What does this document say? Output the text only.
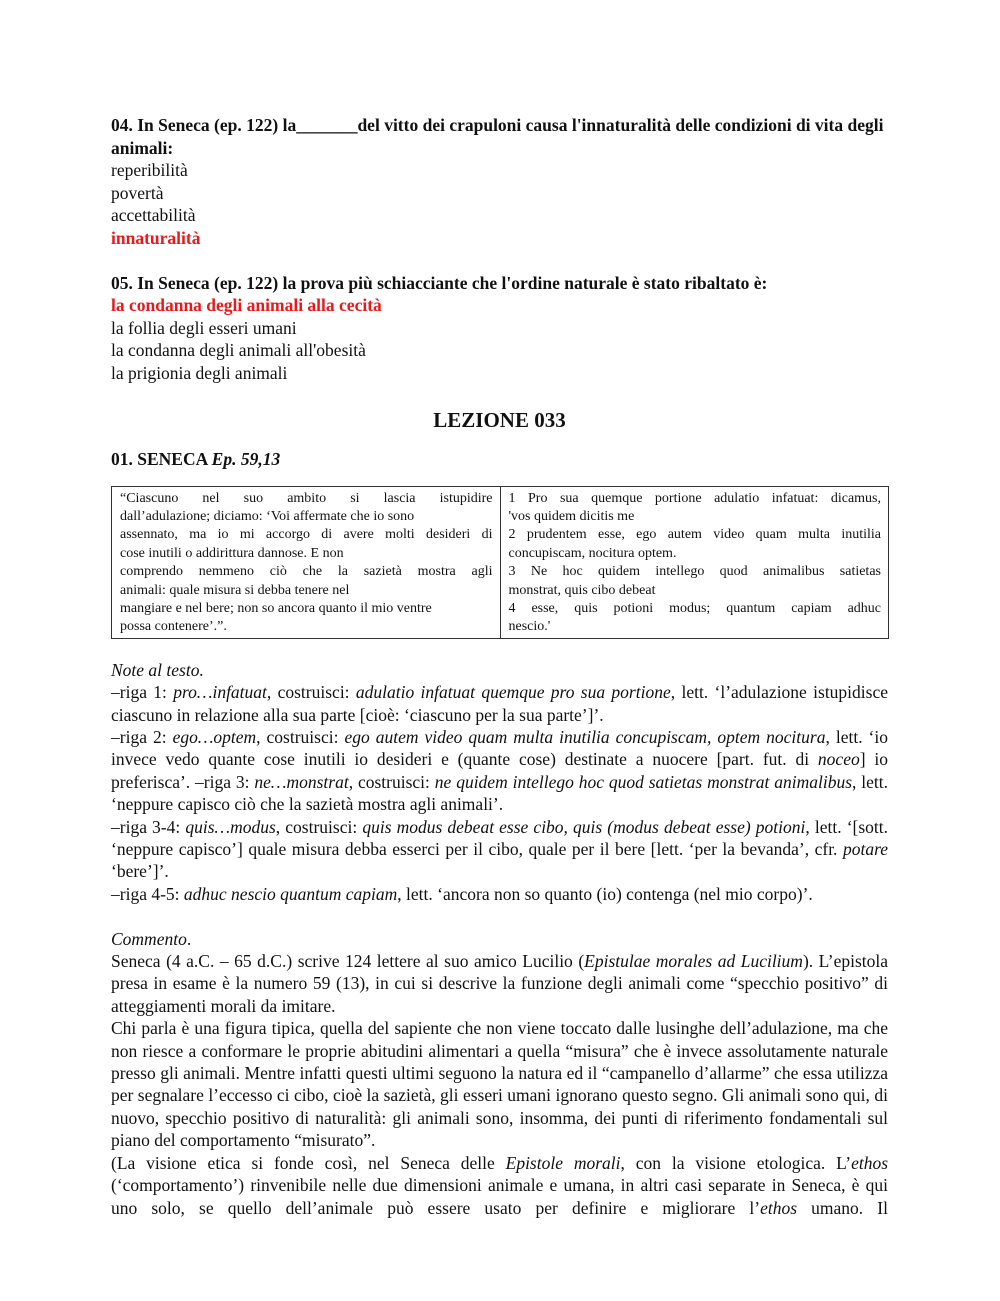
04. In Seneca (ep. 122) la_______del vitto dei crapuloni causa l'innaturalità delle condizioni di vita degli animali:
reperibilità
povertà
accettabilità
innaturalità
05. In Seneca (ep. 122) la prova più schiacciante che l'ordine naturale è stato ribaltato è:
la condanna degli animali alla cecità
la follia degli esseri umani
la condanna degli animali all'obesità
la prigionia degli animali
LEZIONE 033
01. SENECA Ep. 59,13
“Ciascuno nel suo ambito si lascia istupidire
dall’adulazione; diciamo: ‘Voi affermate che io sono
assennato, ma io mi accorgo di avere molti desideri di
cose inutili o addirittura dannose. E non
comprendo nemmeno ciò che la sazietà mostra agli
animali: quale misura si debba tenere nel
mangiare e nel bere; non so ancora quanto il mio ventre
possa contenere’.”.

1 Pro sua quemque portione adulatio infatuat: dicamus,
'vos quidem dicitis me
2 prudentem esse, ego autem video quam multa inutilia
concupiscam, nocitura optem.
3 Ne hoc quidem intellego quod animalibus satietas
monstrat, quis cibo debeat
4 esse, quis potioni modus; quantum capiam adhuc
nescio.'

Note al testo.

–riga 1: pro…infatuat, costruisci: adulatio infatuat quemque pro sua portione, lett. ‘l’adulazione istupidisce ciascuno in relazione alla sua parte [cioè: ‘ciascuno per la sua parte’]’.

–riga 2: ego…optem, costruisci: ego autem video quam multa inutilia concupiscam, optem nocitura, lett. ‘io invece vedo quante cose inutili io desideri e (quante cose) destinate a nuocere [part. fut. di noceo] io preferisca’. –riga 3: ne…monstrat, costruisci: ne quidem intellego hoc quod satietas monstrat animalibus, lett. ‘neppure capisco ciò che la sazietà mostra agli animali’.

–riga 3-4: quis…modus, costruisci: quis modus debeat esse cibo, quis (modus debeat esse) potioni, lett. ‘[sott. ‘neppure capisco’] quale misura debba esserci per il cibo, quale per il bere [lett. ‘per la bevanda’, cfr. potare ‘bere’]’.

–riga 4-5: adhuc nescio quantum capiam, lett. ‘ancora non so quanto (io) contenga (nel mio corpo)’.

Commento.

Seneca (4 a.C. – 65 d.C.) scrive 124 lettere al suo amico Lucilio (Epistulae morales ad Lucilium). L’epistola presa in esame è la numero 59 (13), in cui si descrive la funzione degli animali come “specchio positivo” di atteggiamenti morali da imitare.

Chi parla è una figura tipica, quella del sapiente che non viene toccato dalle lusinghe dell’adulazione, ma che non riesce a conformare le proprie abitudini alimentari a quella “misura” che è invece assolutamente naturale presso gli animali. Mentre infatti questi ultimi seguono la natura ed il “campanello d’allarme” che essa utilizza per segnalare l’eccesso ci cibo, cioè la sazietà, gli esseri umani ignorano questo segno. Gli animali sono qui, di nuovo, specchio positivo di naturalità: gli animali sono, insomma, dei punti di riferimento fondamentali sul piano del comportamento “misurato”.

(La visione etica si fonde così, nel Seneca delle Epistole morali, con la visione etologica. L’ethos (‘comportamento’) rinvenibile nelle due dimensioni animale e umana, in altri casi separate in Seneca, è qui uno solo, se quello dell’animale può essere usato per definire e migliorare l’ethos umano. Il
